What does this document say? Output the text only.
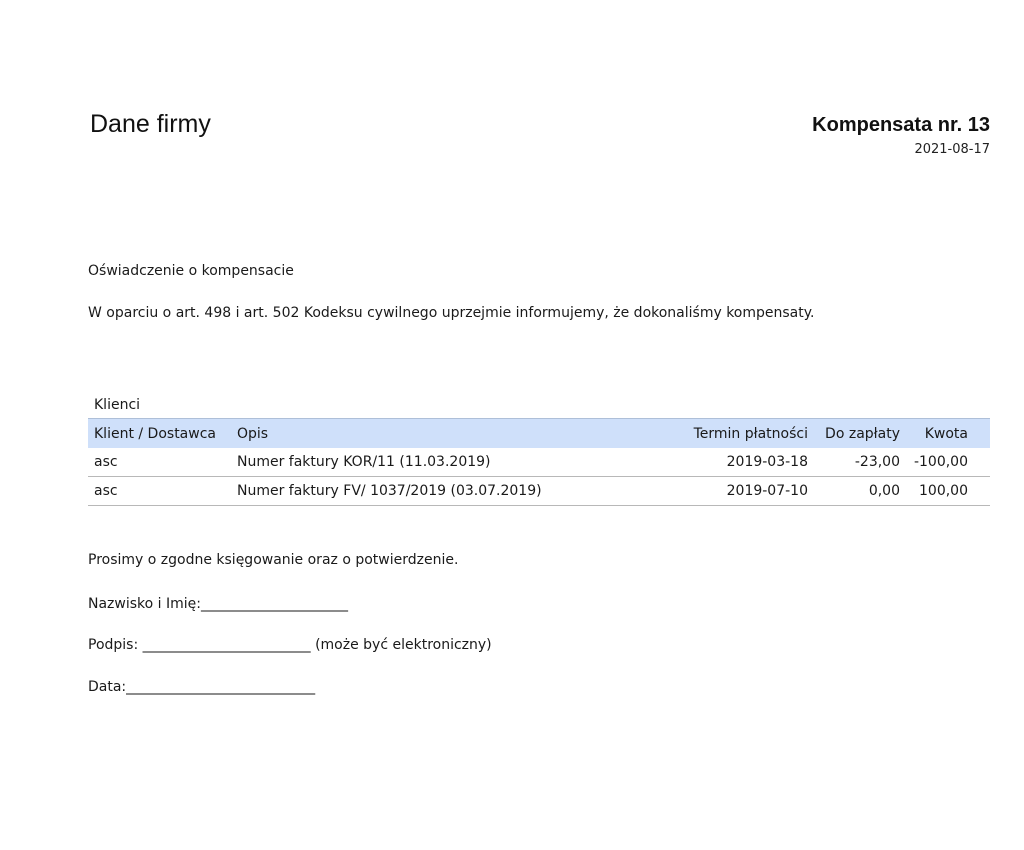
Dane firmy	Kompensata nr. 13
2021-08-17
Oświadczenie o kompensacie
W oparciu o art. 498 i art. 502 Kodeksu cywilnego uprzejmie informujemy, że dokonaliśmy kompensaty.
Klienci
Klient / Dostawca	Opis	Termin płatności	Do zapłaty	Kwota
asc	Numer faktury KOR/11 (11.03.2019)	2019-03-18	-23,00	-100,00
asc	Numer faktury FV/ 1037/2019 (03.07.2019)	2019-07-10	0,00	100,00
Prosimy o zgodne księgowanie oraz o potwierdzenie.
Nazwisko i Imię:_____________________
Podpis: ________________________ (może być elektroniczny)
Data:___________________________
